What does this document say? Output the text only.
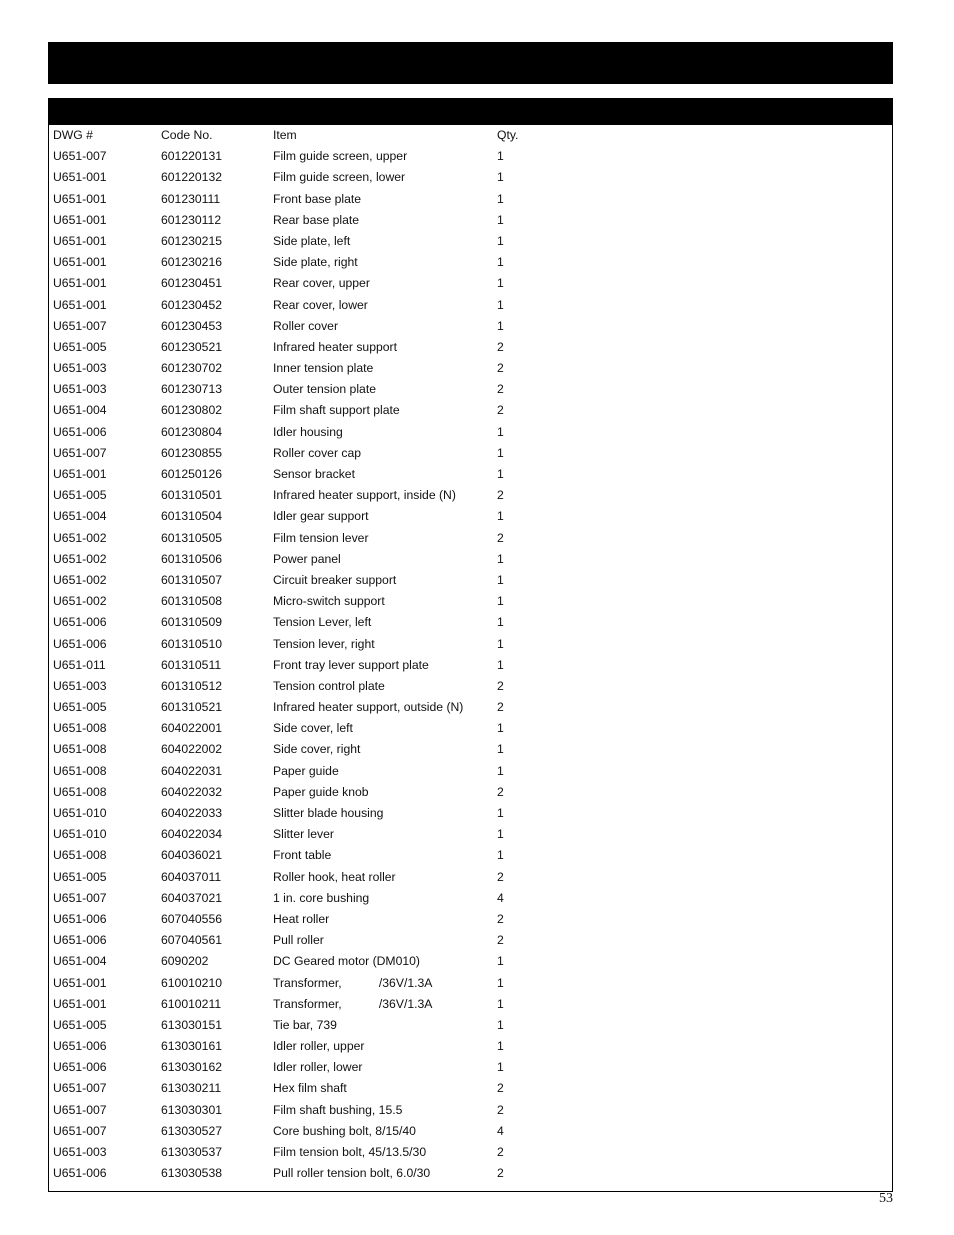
DWG #	Code No.	Item	Qty.
U651-007	601220131	Film guide screen, upper	1
U651-001	601220132	Film guide screen, lower	1
U651-001	601230111	Front base plate	1
U651-001	601230112	Rear base plate	1
U651-001	601230215	Side plate, left	1
U651-001	601230216	Side plate, right	1
U651-001	601230451	Rear cover, upper	1
U651-001	601230452	Rear cover, lower	1
U651-007	601230453	Roller cover	1
U651-005	601230521	Infrared heater support	2
U651-003	601230702	Inner tension plate	2
U651-003	601230713	Outer tension plate	2
U651-004	601230802	Film shaft support plate	2
U651-006	601230804	Idler housing	1
U651-007	601230855	Roller cover cap	1
U651-001	601250126	Sensor bracket	1
U651-005	601310501	Infrared heater support, inside (N)	2
U651-004	601310504	Idler gear support	1
U651-002	601310505	Film tension lever	2
U651-002	601310506	Power panel	1
U651-002	601310507	Circuit breaker support	1
U651-002	601310508	Micro-switch support	1
U651-006	601310509	Tension Lever, left	1
U651-006	601310510	Tension lever, right	1
U651-011	601310511	Front tray lever support plate	1
U651-003	601310512	Tension control plate	2
U651-005	601310521	Infrared heater support, outside (N)	2
U651-008	604022001	Side cover, left	1
U651-008	604022002	Side cover, right	1
U651-008	604022031	Paper guide	1
U651-008	604022032	Paper guide knob	2
U651-010	604022033	Slitter blade housing	1
U651-010	604022034	Slitter lever	1
U651-008	604036021	Front table	1
U651-005	604037011	Roller hook, heat roller	2
U651-007	604037021	1 in. core bushing	4
U651-006	607040556	Heat roller	2
U651-006	607040561	Pull roller	2
U651-004	6090202	DC Geared motor (DM010)	1
U651-001	610010210	Transformer,           /36V/1.3A	1
U651-001	610010211	Transformer,           /36V/1.3A	1
U651-005	613030151	Tie bar, 739	1
U651-006	613030161	Idler roller, upper	1
U651-006	613030162	Idler roller, lower	1
U651-007	613030211	Hex film shaft	2
U651-007	613030301	Film shaft bushing, 15.5	2
U651-007	613030527	Core bushing bolt, 8/15/40	4
U651-003	613030537	Film tension bolt, 45/13.5/30	2
U651-006	613030538	Pull roller tension bolt, 6.0/30	2
53
